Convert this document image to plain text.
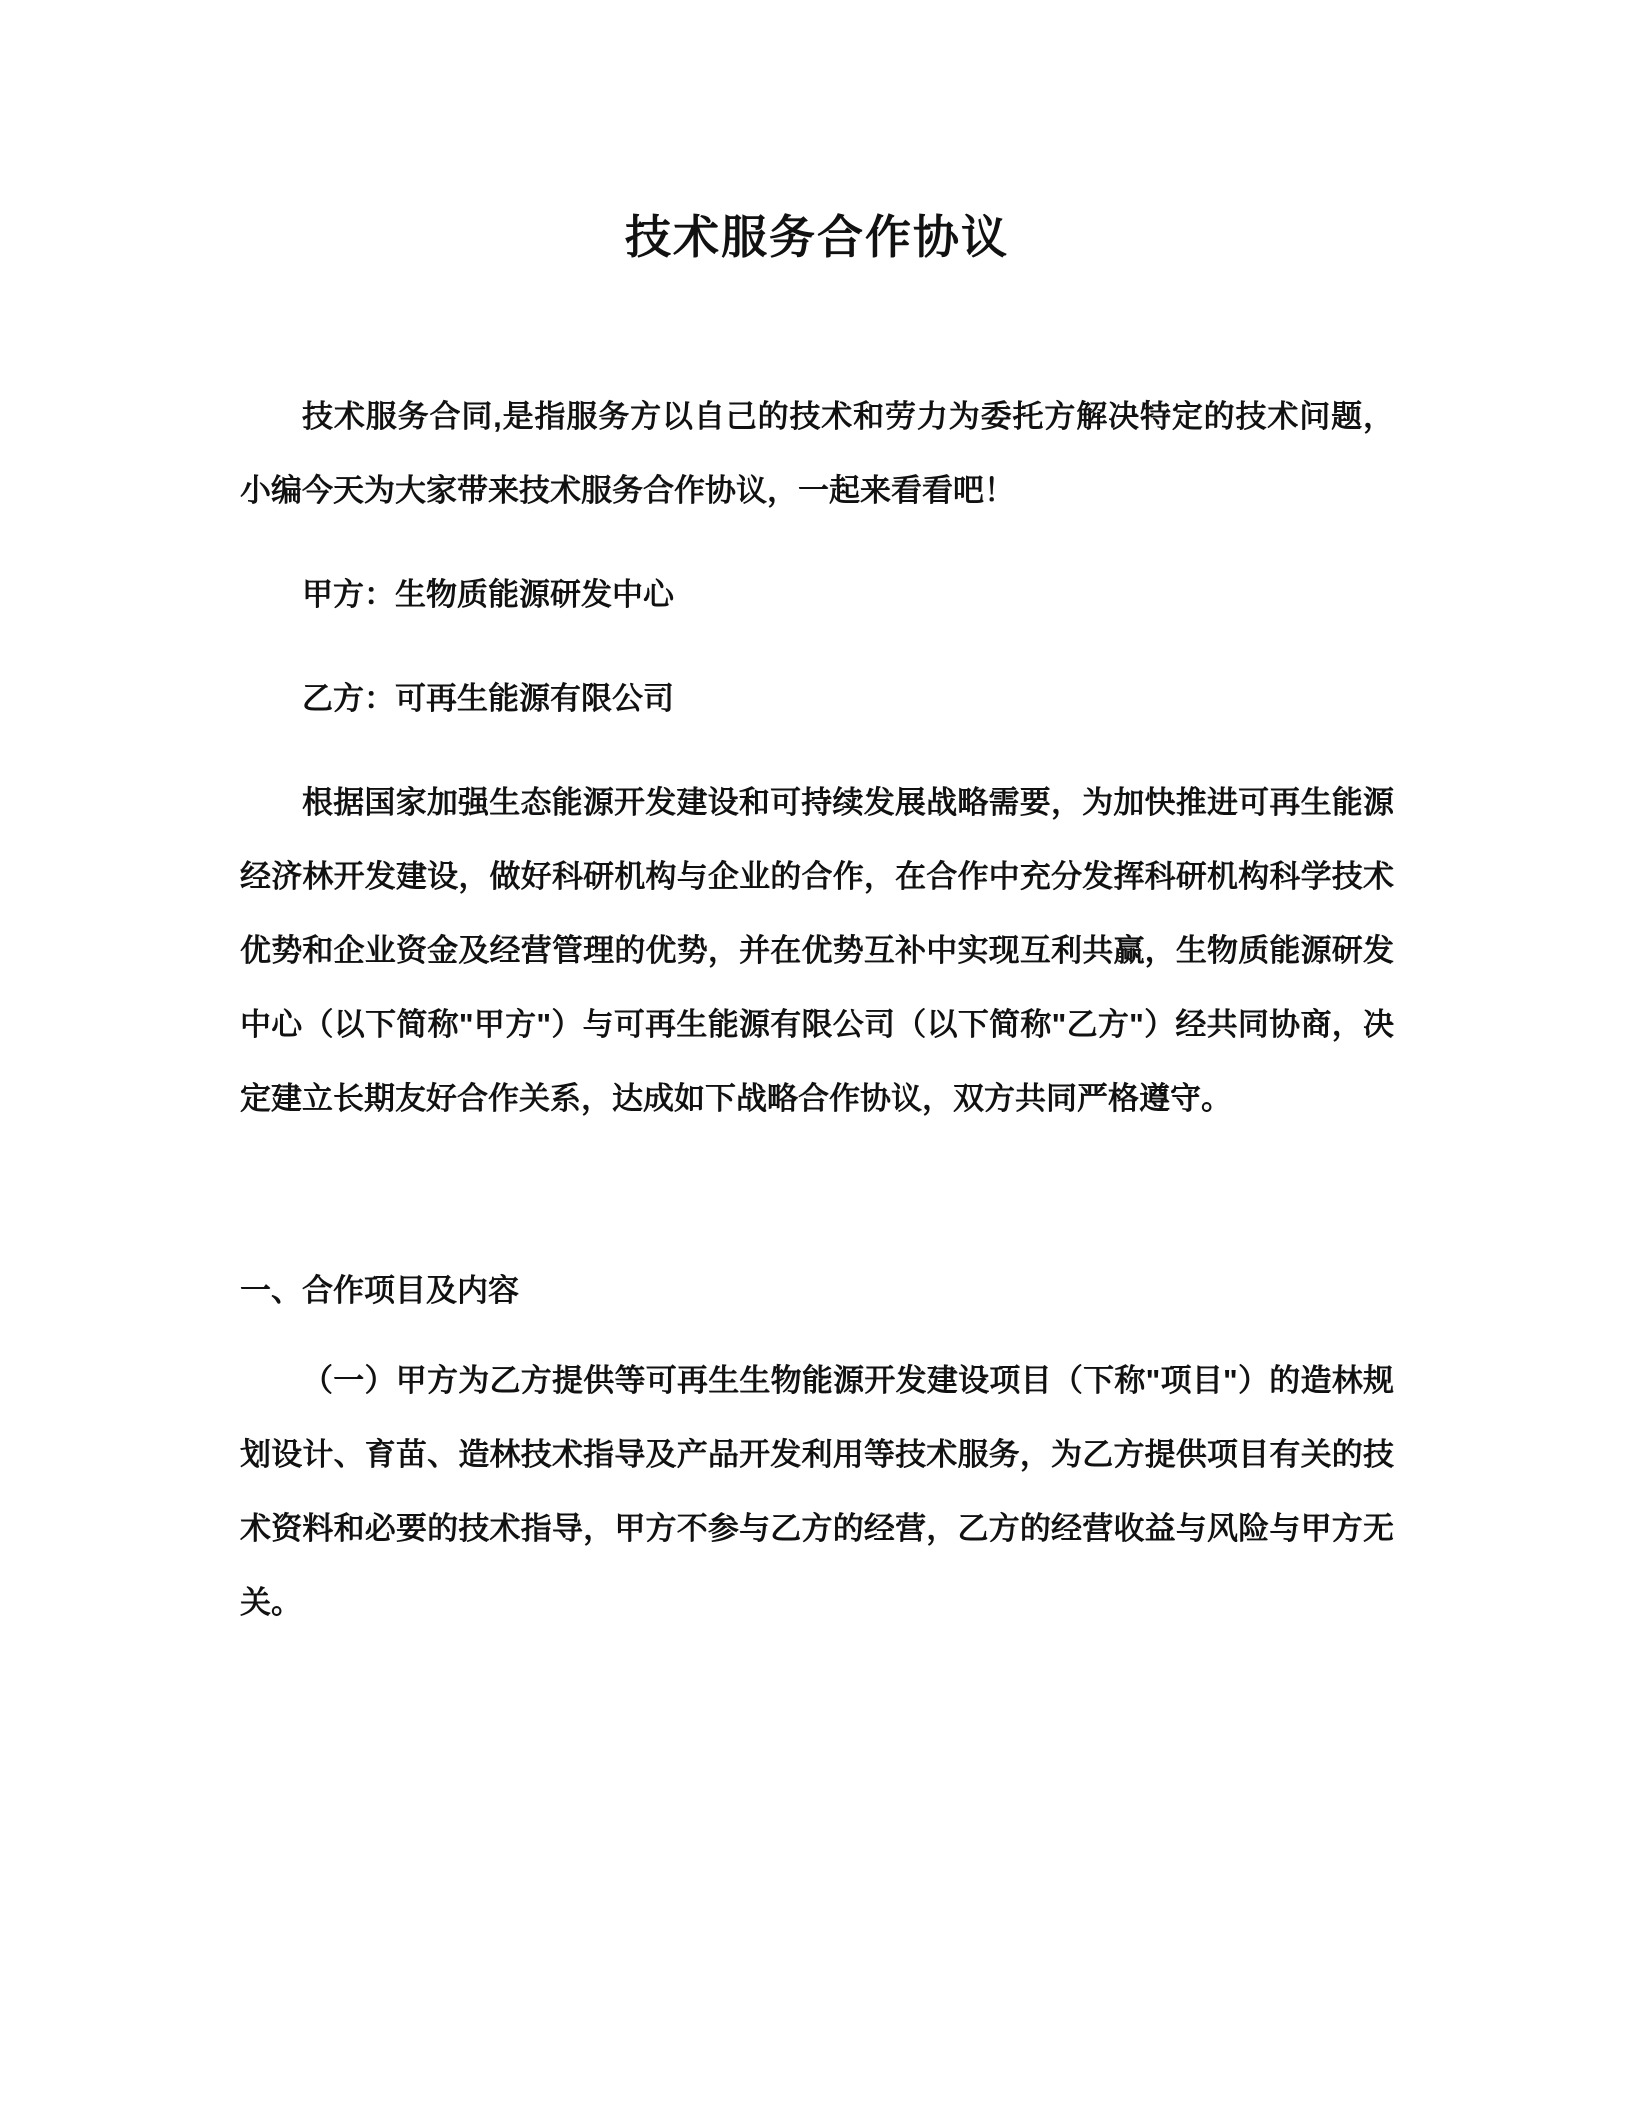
技术服务合作协议

技术服务合同,是指服务方以自己的技术和劳力为委托方解决特定的技术问题，小编今天为大家带来技术服务合作协议，一起来看看吧！

甲方：生物质能源研发中心

乙方：可再生能源有限公司

根据国家加强生态能源开发建设和可持续发展战略需要，为加快推进可再生能源经济林开发建设，做好科研机构与企业的合作，在合作中充分发挥科研机构科学技术优势和企业资金及经营管理的优势，并在优势互补中实现互利共赢，生物质能源研发中心（以下简称"甲方"）与可再生能源有限公司（以下简称"乙方"）经共同协商，决定建立长期友好合作关系，达成如下战略合作协议，双方共同严格遵守。

一、合作项目及内容

（一）甲方为乙方提供等可再生生物能源开发建设项目（下称"项目"）的造林规划设计、育苗、造林技术指导及产品开发利用等技术服务，为乙方提供项目有关的技术资料和必要的技术指导，甲方不参与乙方的经营，乙方的经营收益与风险与甲方无关。
